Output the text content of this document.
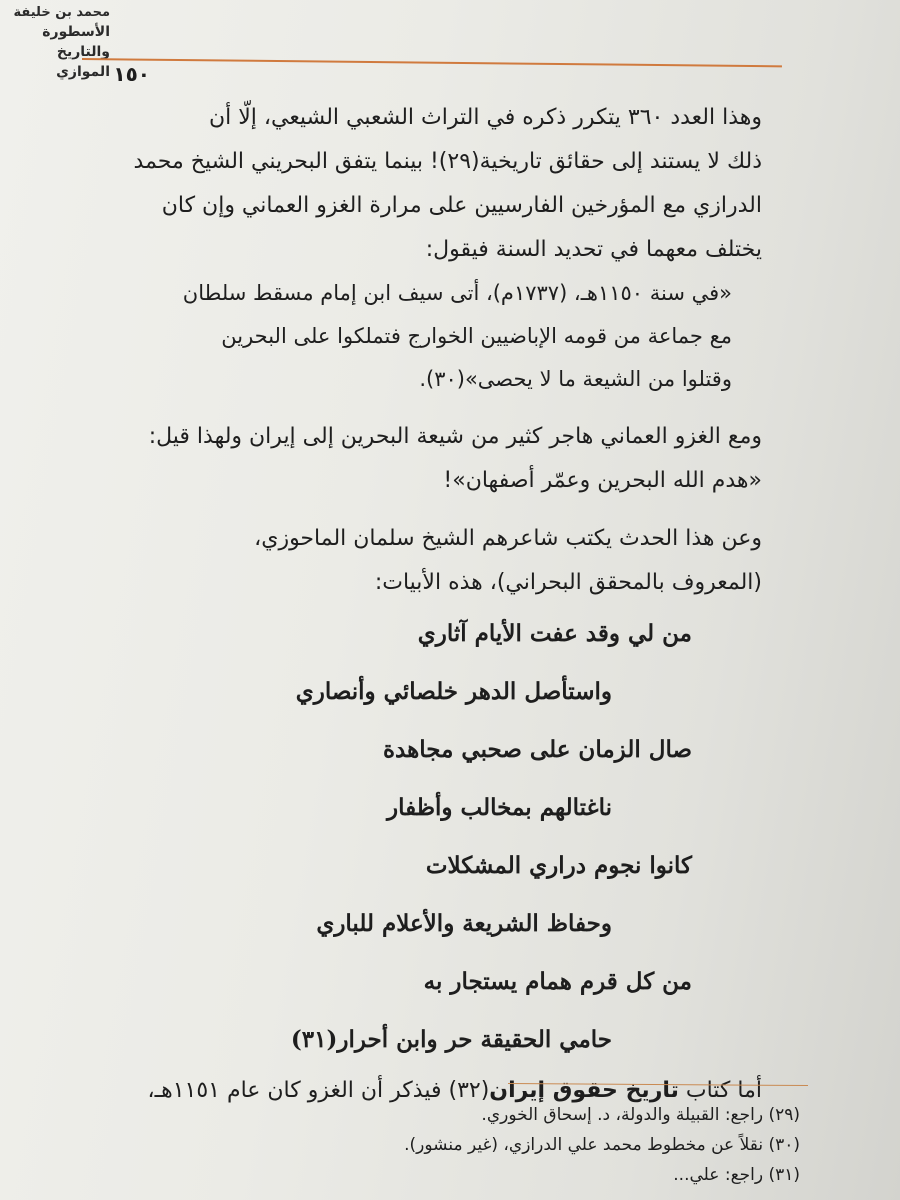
محمد بن خليفة
الأسطورة والتاريخ الموازي ١٥٠
وهذا العدد ٣٦٠ يتكرر ذكره في التراث الشعبي الشيعي، إلّا أن
ذلك لا يستند إلى حقائق تاريخية(٢٩)! بينما يتفق البحريني الشيخ محمد
الدرازي مع المؤرخين الفارسيين على مرارة الغزو العماني وإن كان
يختلف معهما في تحديد السنة فيقول:
«في سنة ١١٥٠هـ، (١٧٣٧م)، أتى سيف ابن إمام مسقط سلطان
مع جماعة من قومه الإباضيين الخوارج فتملكوا على البحرين
وقتلوا من الشيعة ما لا يحصى»(٣٠).
ومع الغزو العماني هاجر كثير من شيعة البحرين إلى إيران ولهذا قيل:
«هدم الله البحرين وعمّر أصفهان»!
وعن هذا الحدث يكتب شاعرهم الشيخ سلمان الماحوزي،
(المعروف بالمحقق البحراني)، هذه الأبيات:
من لي وقد عفت الأيام آثاري
واستأصل الدهر خلصائي وأنصاري
صال الزمان على صحبي مجاهدة
ناغتالهم بمخالب وأظفار
كانوا نجوم دراري المشكلات
وحفاظ الشريعة والأعلام للباري
من كل قرم همام يستجار به
حامي الحقيقة حر وابن أحرار(٣١)
أما كتاب تاريخ حقوق إيران(٣٢) فيذكر أن الغزو كان عام ١١٥١هـ،
(٢٩) راجع: القبيلة والدولة، د. إسحاق الخوري.
(٣٠) نقلاً عن مخطوط محمد علي الدرازي، (غير منشور).
(٣١) راجع: علي...
